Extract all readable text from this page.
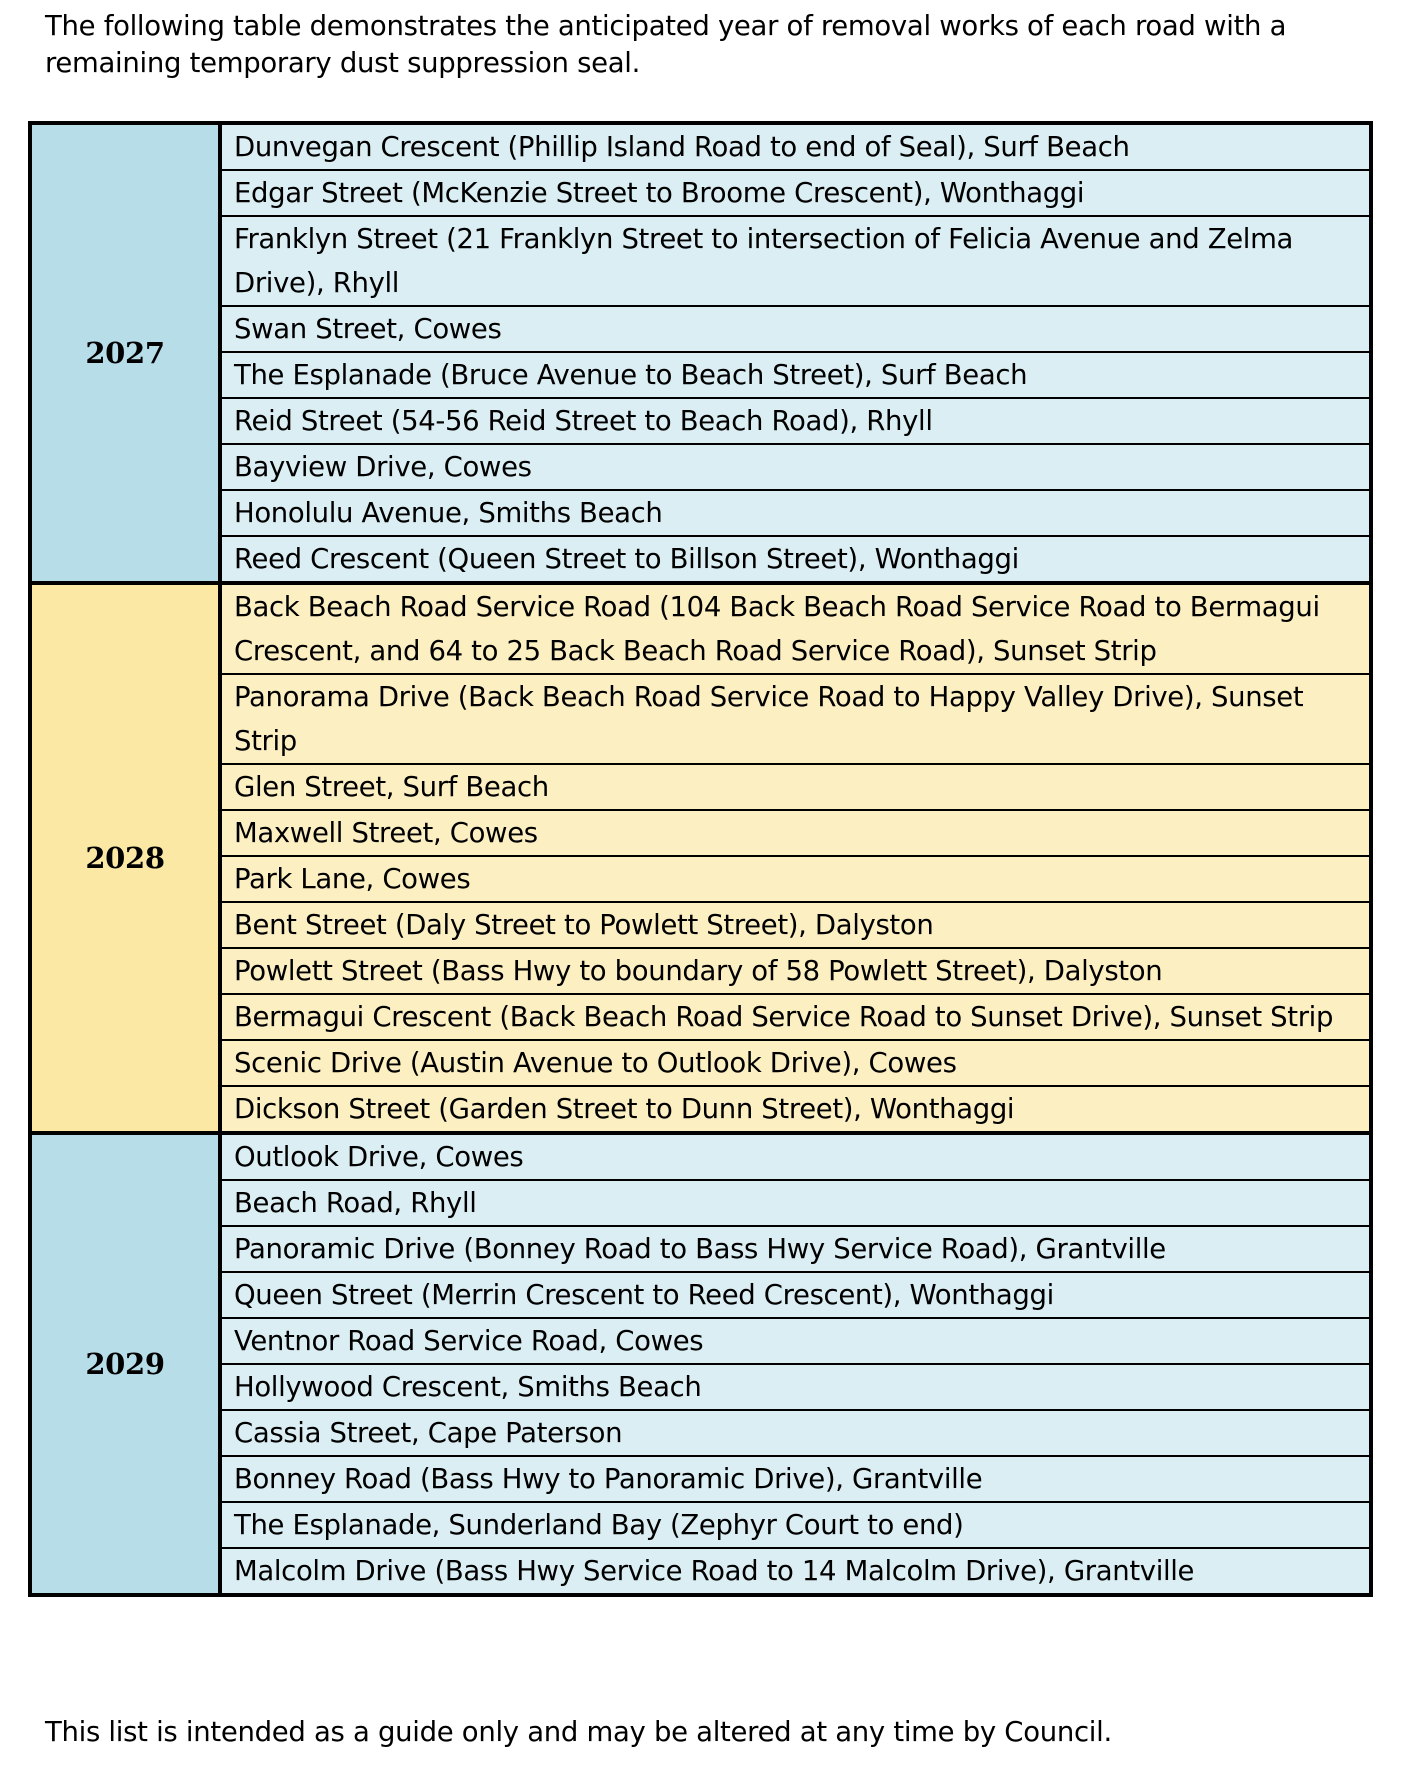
The following table demonstrates the anticipated year of removal works of each road with a remaining temporary dust suppression seal.

2027	Dunvegan Crescent (Phillip Island Road to end of Seal), Surf Beach
	Edgar Street (McKenzie Street to Broome Crescent), Wonthaggi
	Franklyn Street (21 Franklyn Street to intersection of Felicia Avenue and Zelma Drive), Rhyll
	Swan Street, Cowes
	The Esplanade (Bruce Avenue to Beach Street), Surf Beach
	Reid Street (54-56 Reid Street to Beach Road), Rhyll
	Bayview Drive, Cowes
	Honolulu Avenue, Smiths Beach
	Reed Crescent (Queen Street to Billson Street), Wonthaggi
2028	Back Beach Road Service Road (104 Back Beach Road Service Road to Bermagui Crescent, and 64 to 25 Back Beach Road Service Road), Sunset Strip
	Panorama Drive (Back Beach Road Service Road to Happy Valley Drive), Sunset Strip
	Glen Street, Surf Beach
	Maxwell Street, Cowes
	Park Lane, Cowes
	Bent Street (Daly Street to Powlett Street), Dalyston
	Powlett Street (Bass Hwy to boundary of 58 Powlett Street), Dalyston
	Bermagui Crescent (Back Beach Road Service Road to Sunset Drive), Sunset Strip
	Scenic Drive (Austin Avenue to Outlook Drive), Cowes
	Dickson Street (Garden Street to Dunn Street), Wonthaggi
2029	Outlook Drive, Cowes
	Beach Road, Rhyll
	Panoramic Drive (Bonney Road to Bass Hwy Service Road), Grantville
	Queen Street (Merrin Crescent to Reed Crescent), Wonthaggi
	Ventnor Road Service Road, Cowes
	Hollywood Crescent, Smiths Beach
	Cassia Street, Cape Paterson
	Bonney Road (Bass Hwy to Panoramic Drive), Grantville
	The Esplanade, Sunderland Bay (Zephyr Court to end)
	Malcolm Drive (Bass Hwy Service Road to 14 Malcolm Drive), Grantville

This list is intended as a guide only and may be altered at any time by Council.
